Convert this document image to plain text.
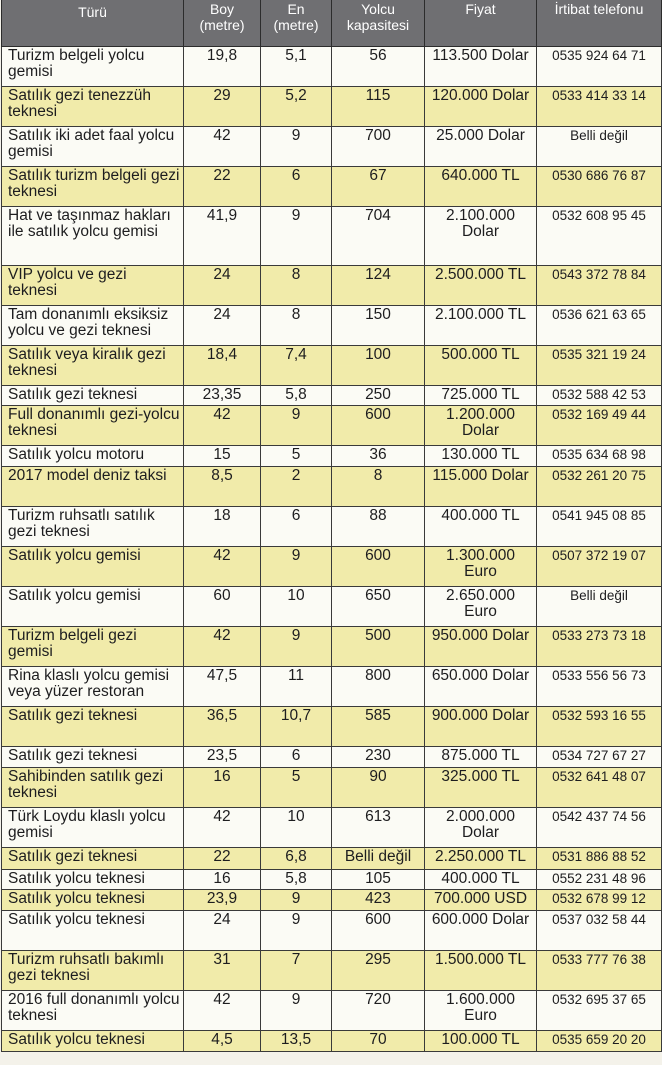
Türü	Boy (metre)	En (metre)	Yolcu kapasitesi	Fiyat	İrtibat telefonu
Turizm belgeli yolcu gemisi	19,8	5,1	56	113.500 Dolar	0535 924 64 71
Satılık gezi tenezzüh teknesi	29	5,2	115	120.000 Dolar	0533 414 33 14
Satılık iki adet faal yolcu gemisi	42	9	700	25.000 Dolar	Belli değil
Satılık turizm belgeli gezi teknesi	22	6	67	640.000 TL	0530 686 76 87
Hat ve taşınmaz hakları ile satılık yolcu gemisi	41,9	9	704	2.100.000 Dolar	0532 608 95 45
VIP yolcu ve gezi teknesi	24	8	124	2.500.000 TL	0543 372 78 84
Tam donanımlı eksiksiz yolcu ve gezi teknesi	24	8	150	2.100.000 TL	0536 621 63 65
Satılık veya kiralık gezi teknesi	18,4	7,4	100	500.000 TL	0535 321 19 24
Satılık gezi teknesi	23,35	5,8	250	725.000 TL	0532 588 42 53
Full donanımlı gezi-yolcu teknesi	42	9	600	1.200.000 Dolar	0532 169 49 44
Satılık yolcu motoru	15	5	36	130.000 TL	0535 634 68 98
2017 model deniz taksi	8,5	2	8	115.000 Dolar	0532 261 20 75
Turizm ruhsatlı satılık gezi teknesi	18	6	88	400.000 TL	0541 945 08 85
Satılık yolcu gemisi	42	9	600	1.300.000 Euro	0507 372 19 07
Satılık yolcu gemisi	60	10	650	2.650.000 Euro	Belli değil
Turizm belgeli gezi gemisi	42	9	500	950.000 Dolar	0533 273 73 18
Rina klaslı yolcu gemisi veya yüzer restoran	47,5	11	800	650.000 Dolar	0533 556 56 73
Satılık gezi teknesi	36,5	10,7	585	900.000 Dolar	0532 593 16 55
Satılık gezi teknesi	23,5	6	230	875.000 TL	0534 727 67 27
Sahibinden satılık gezi teknesi	16	5	90	325.000 TL	0532 641 48 07
Türk Loydu klaslı yolcu gemisi	42	10	613	2.000.000 Dolar	0542 437 74 56
Satılık gezi teknesi	22	6,8	Belli değil	2.250.000 TL	0531 886 88 52
Satılık yolcu teknesi	16	5,8	105	400.000 TL	0552 231 48 96
Satılık yolcu teknesi	23,9	9	423	700.000 USD	0532 678 99 12
Satılık yolcu teknesi	24	9	600	600.000 Dolar	0537 032 58 44
Turizm ruhsatlı bakımlı gezi teknesi	31	7	295	1.500.000 TL	0533 777 76 38
2016 full donanımlı yolcu teknesi	42	9	720	1.600.000 Euro	0532 695 37 65
Satılık yolcu teknesi	4,5	13,5	70	100.000 TL	0535 659 20 20
